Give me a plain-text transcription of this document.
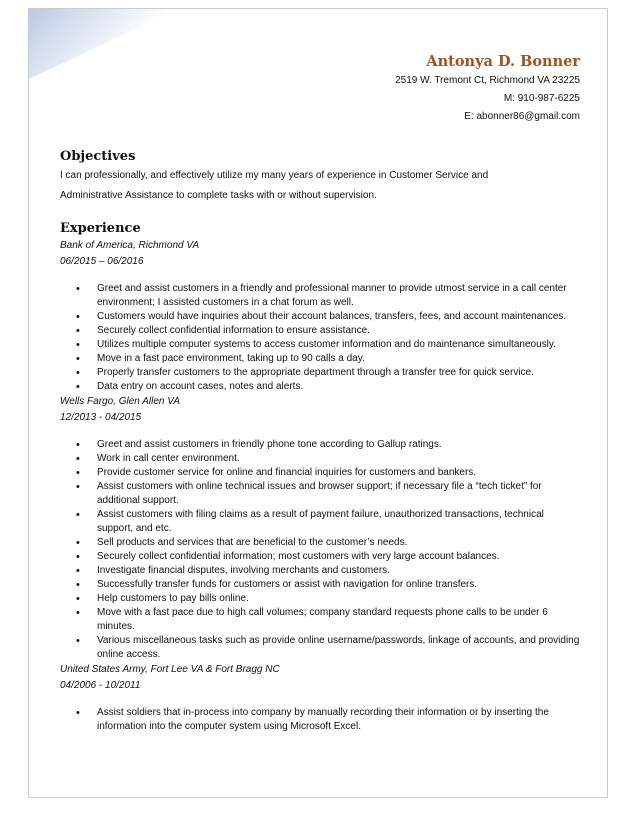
Antonya D. Bonner
2519 W. Tremont Ct, Richmond VA 23225
M: 910-987-6225
E: abonner86@gmail.com
Objectives
I can professionally, and effectively utilize my many years of experience in Customer Service and
Administrative Assistance to complete tasks with or without supervision.
Experience
Bank of America, Richmond VA
06/2015 – 06/2016
• Greet and assist customers in a friendly and professional manner to provide utmost service in a call center environment; I assisted customers in a chat forum as well.
• Customers would have inquiries about their account balances, transfers, fees, and account maintenances.
• Securely collect confidential information to ensure assistance.
• Utilizes multiple computer systems to access customer information and do maintenance simultaneously.
• Move in a fast pace environment, taking up to 90 calls a day.
• Properly transfer customers to the appropriate department through a transfer tree for quick service.
• Data entry on account cases, notes and alerts.
Wells Fargo, Glen Allen VA
12/2013 - 04/2015
• Greet and assist customers in friendly phone tone according to Gallup ratings.
• Work in call center environment.
• Provide customer service for online and financial inquiries for customers and bankers.
• Assist customers with online technical issues and browser support; if necessary file a “tech ticket” for additional support.
• Assist customers with filing claims as a result of payment failure, unauthorized transactions, technical support, and etc.
• Sell products and services that are beneficial to the customer’s needs.
• Securely collect confidential information; most customers with very large account balances.
• Investigate financial disputes, involving merchants and customers.
• Successfully transfer funds for customers or assist with navigation for online transfers.
• Help customers to pay bills online.
• Move with a fast pace due to high call volumes; company standard requests phone calls to be under 6 minutes.
• Various miscellaneous tasks such as provide online username/passwords, linkage of accounts, and providing online access.
United States Army, Fort Lee VA & Fort Bragg NC
04/2006 - 10/2011
• Assist soldiers that in-process into company by manually recording their information or by inserting the information into the computer system using Microsoft Excel.
